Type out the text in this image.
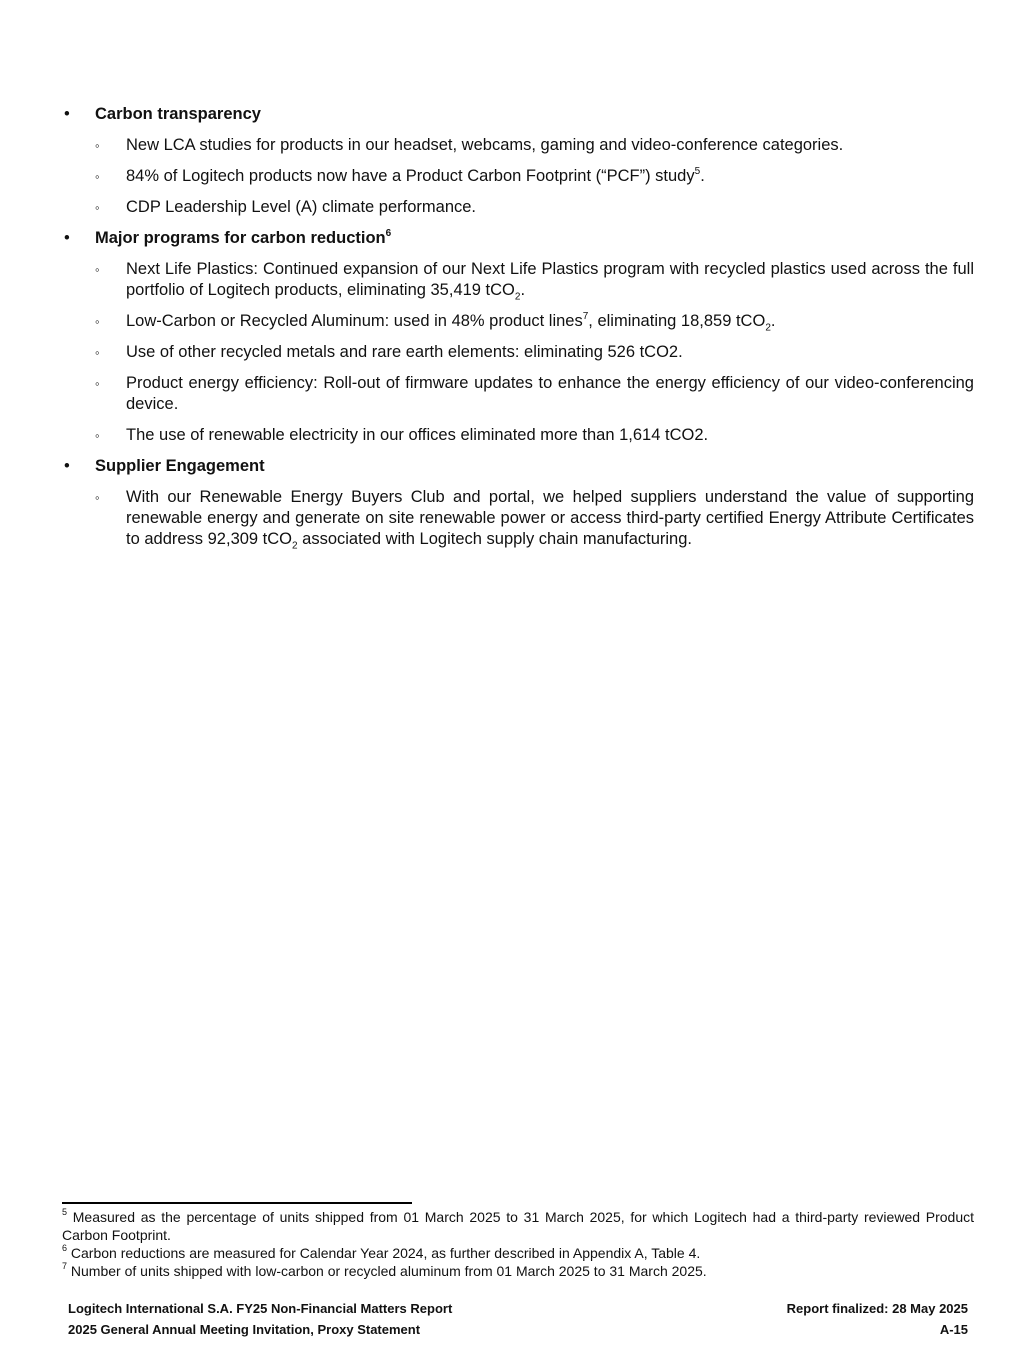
• Carbon transparency
◦ New LCA studies for products in our headset, webcams, gaming and video-conference categories.
◦ 84% of Logitech products now have a Product Carbon Footprint (“PCF”) study$^5$.
◦ CDP Leadership Level (A) climate performance.
• Major programs for carbon reduction$^6$
◦ Next Life Plastics: Continued expansion of our Next Life Plastics program with recycled plastics used across the full portfolio of Logitech products, eliminating 35,419 tCO$_2$.
◦ Low-Carbon or Recycled Aluminum: used in 48% product lines$^7$, eliminating 18,859 tCO$_2$.
◦ Use of other recycled metals and rare earth elements: eliminating 526 tCO2.
◦ Product energy efficiency: Roll-out of firmware updates to enhance the energy efficiency of our video-conferencing device.
◦ The use of renewable electricity in our offices eliminated more than 1,614 tCO2.
• Supplier Engagement
◦ With our Renewable Energy Buyers Club and portal, we helped suppliers understand the value of supporting renewable energy and generate on site renewable power or access third-party certified Energy Attribute Certificates to address 92,309 tCO$_2$ associated with Logitech supply chain manufacturing.

$^5$ Measured as the percentage of units shipped from 01 March 2025 to 31 March 2025, for which Logitech had a third-party reviewed Product Carbon Footprint.

$^6$ Carbon reductions are measured for Calendar Year 2024, as further described in Appendix A, Table 4.

$^7$ Number of units shipped with low-carbon or recycled aluminum from 01 March 2025 to 31 March 2025.

Logitech International S.A. FY25 Non-Financial Matters Report	Report finalized: 28 May 2025
2025 General Annual Meeting Invitation, Proxy Statement	A-15
